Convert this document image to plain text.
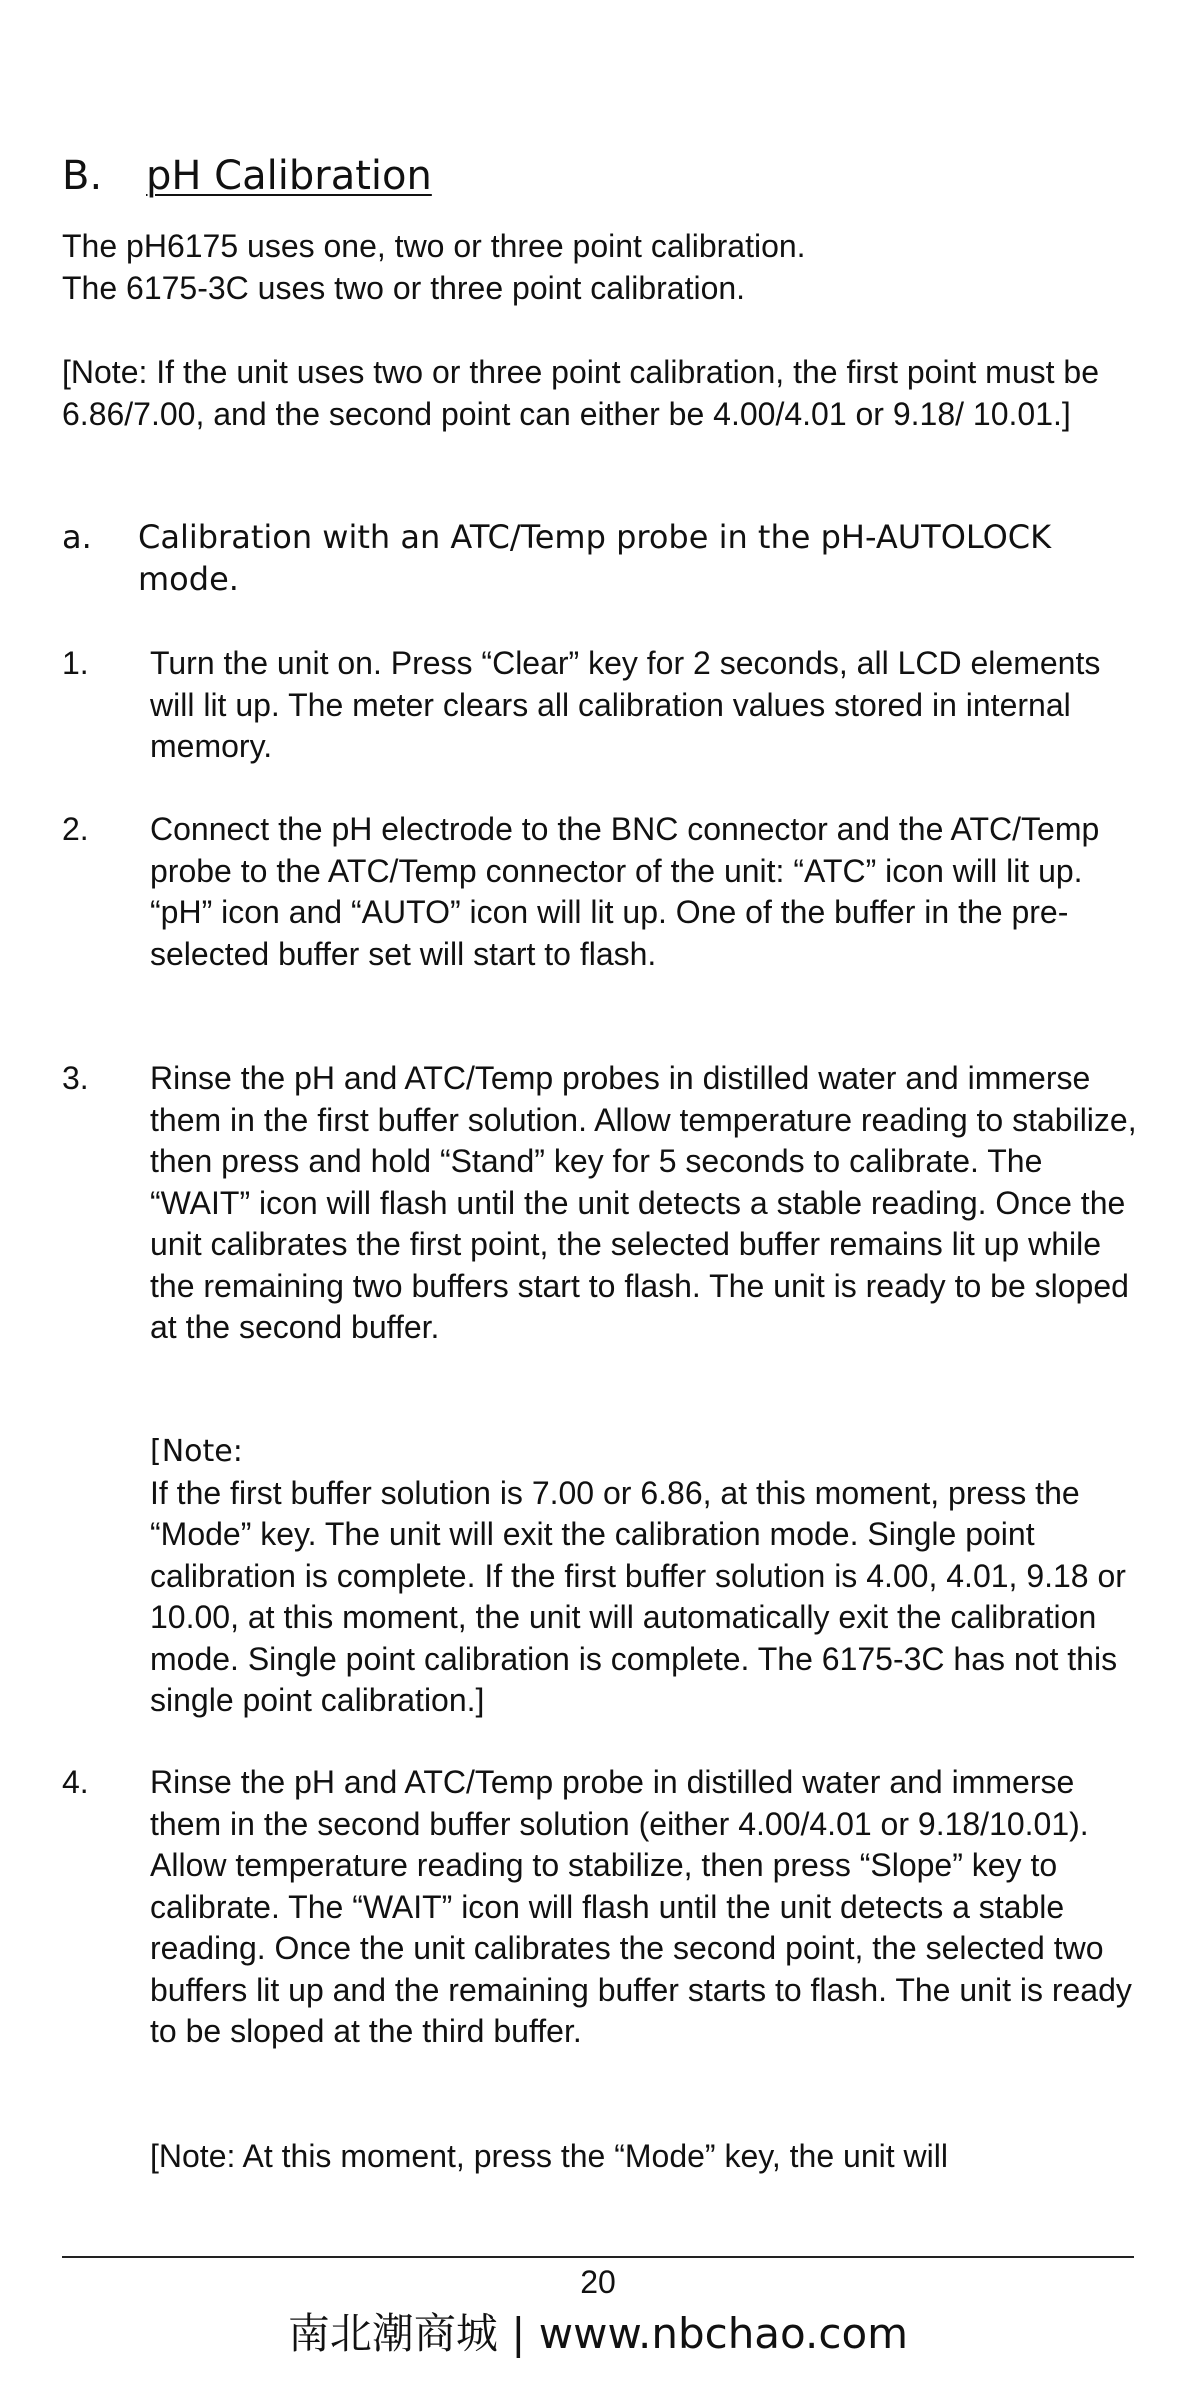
B. pH Calibration
The pH6175 uses one, two or three point calibration.
The 6175-3C uses two or three point calibration.

[Note: If the unit uses two or three point calibration, the first point must be 6.86/7.00, and the second point can either be 4.00/4.01 or 9.18/ 10.01.]

a. Calibration with an ATC/Temp probe in the pH-AUTOLOCK mode.
1. Turn the unit on. Press “Clear” key for 2 seconds, all LCD elements will lit up. The meter clears all calibration values stored in internal memory.
2. Connect the pH electrode to the BNC connector and the ATC/Temp probe to the ATC/Temp connector of the unit: “ATC” icon will lit up. “pH” icon and “AUTO” icon will lit up. One of the buffer in the pre-selected buffer set will start to flash.
3. Rinse the pH and ATC/Temp probes in distilled water and immerse them in the first buffer solution. Allow temperature reading to stabilize, then press and hold “Stand” key for 5 seconds to calibrate. The “WAIT” icon will flash until the unit detects a stable reading. Once the unit calibrates the first point, the selected buffer remains lit up while the remaining two buffers start to flash. The unit is ready to be sloped at the second buffer.
[Note:
If the first buffer solution is 7.00 or 6.86, at this moment, press the “Mode” key. The unit will exit the calibration mode. Single point calibration is complete. If the first buffer solution is 4.00, 4.01, 9.18 or 10.00, at this moment, the unit will automatically exit the calibration mode. Single point calibration is complete. The 6175-3C has not this single point calibration.]
4. Rinse the pH and ATC/Temp probe in distilled water and immerse them in the second buffer solution (either 4.00/4.01 or 9.18/10.01). Allow temperature reading to stabilize, then press “Slope” key to calibrate. The “WAIT” icon will flash until the unit detects a stable reading. Once the unit calibrates the second point, the selected two buffers lit up and the remaining buffer starts to flash. The unit is ready to be sloped at the third buffer.
[Note: At this moment, press the “Mode” key, the unit will
20
南北潮商城 | www.nbchao.com
